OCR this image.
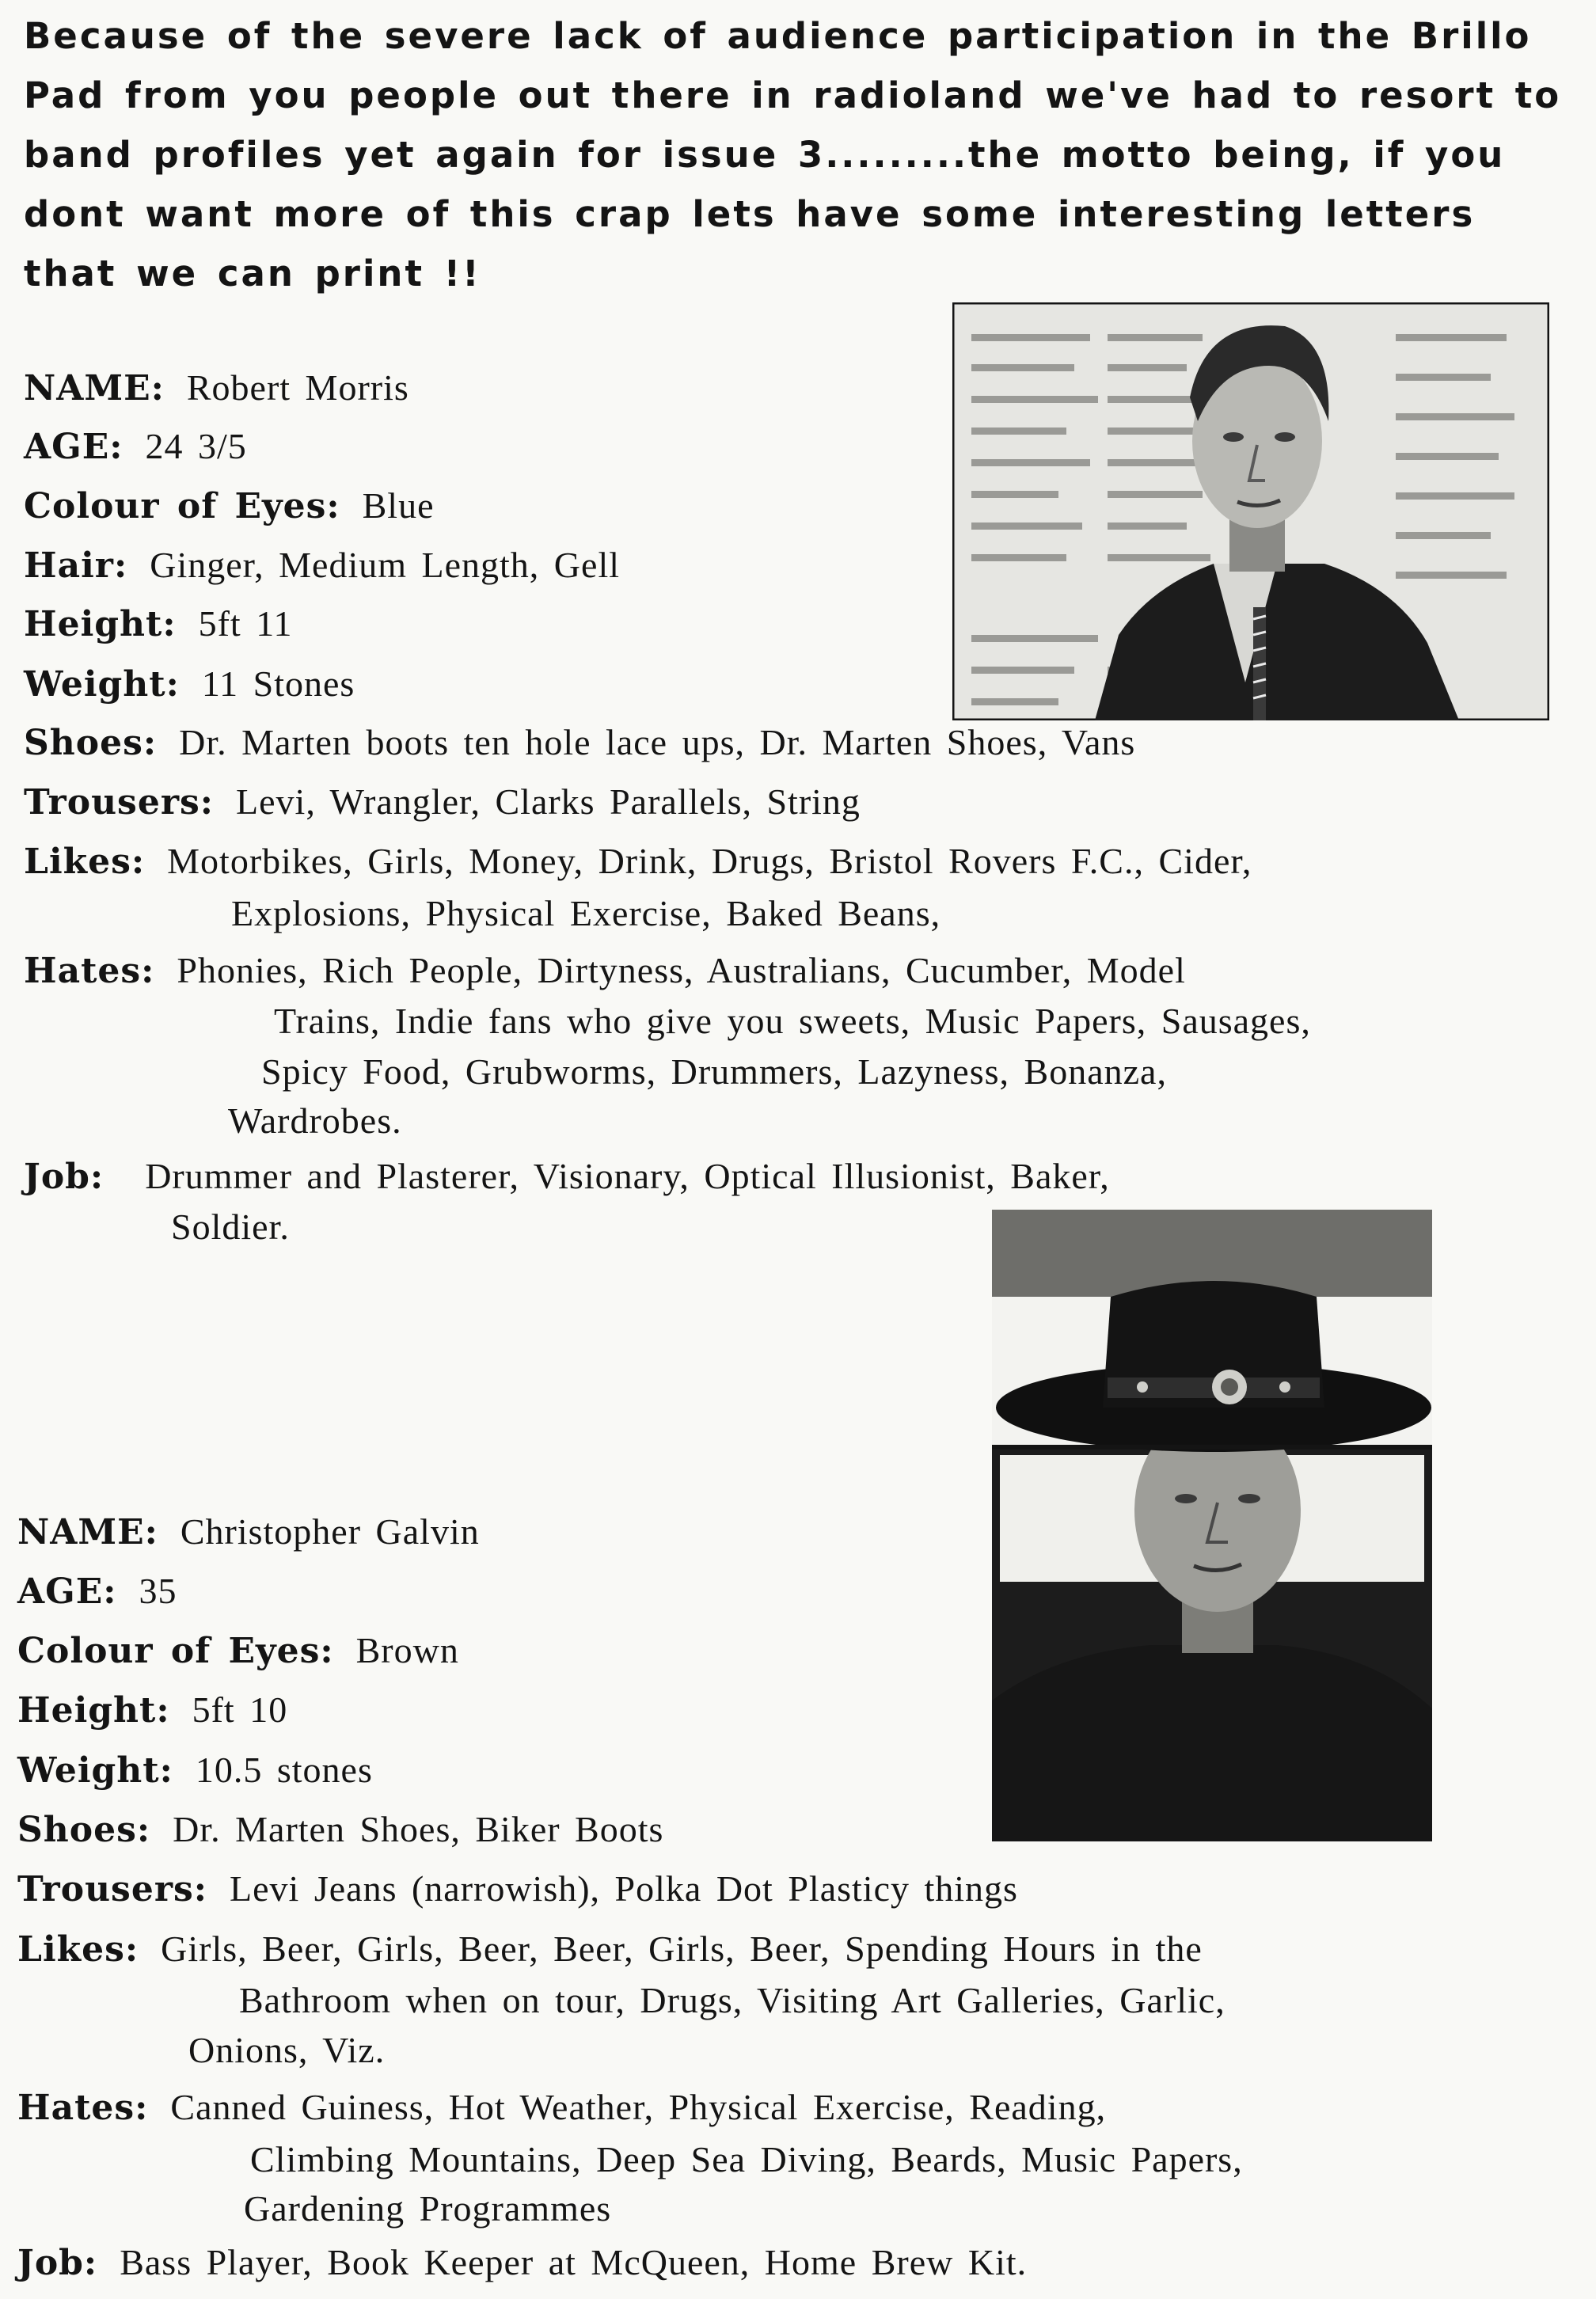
Because of the severe lack of audience participation in the Brillo Pad from you people out there in radioland we've had to resort to band profiles yet again for issue 3.........the motto being, if you dont want more of this crap lets have some interesting letters that we can print !!

NAME: Robert Morris

AGE: 24 3/5

Colour of Eyes: Blue

Hair: Ginger, Medium Length, Gell

Height: 5ft 11

Weight: 11 Stones

Shoes: Dr. Marten boots ten hole lace ups, Dr. Marten Shoes, Vans

Trousers: Levi, Wrangler, Clarks Parallels, String

Likes: Motorbikes, Girls, Money, Drink, Drugs, Bristol Rovers F.C., Cider,

Explosions, Physical Exercise, Baked Beans,

Hates: Phonies, Rich People, Dirtyness, Australians, Cucumber, Model

Trains, Indie fans who give you sweets, Music Papers, Sausages,

Spicy Food, Grubworms, Drummers, Lazyness, Bonanza,

Wardrobes.

Job: Drummer and Plasterer, Visionary, Optical Illusionist, Baker,

Soldier.

NAME: Christopher Galvin

AGE: 35

Colour of Eyes: Brown

Height: 5ft 10

Weight: 10.5 stones

Shoes: Dr. Marten Shoes, Biker Boots

Trousers: Levi Jeans (narrowish), Polka Dot Plasticy things

Likes: Girls, Beer, Girls, Beer, Beer, Girls, Beer, Spending Hours in the

Bathroom when on tour, Drugs, Visiting Art Galleries, Garlic,

Onions, Viz.

Hates: Canned Guiness, Hot Weather, Physical Exercise, Reading,

Climbing Mountains, Deep Sea Diving, Beards, Music Papers,

Gardening Programmes

Job: Bass Player, Book Keeper at McQueen, Home Brew Kit.
